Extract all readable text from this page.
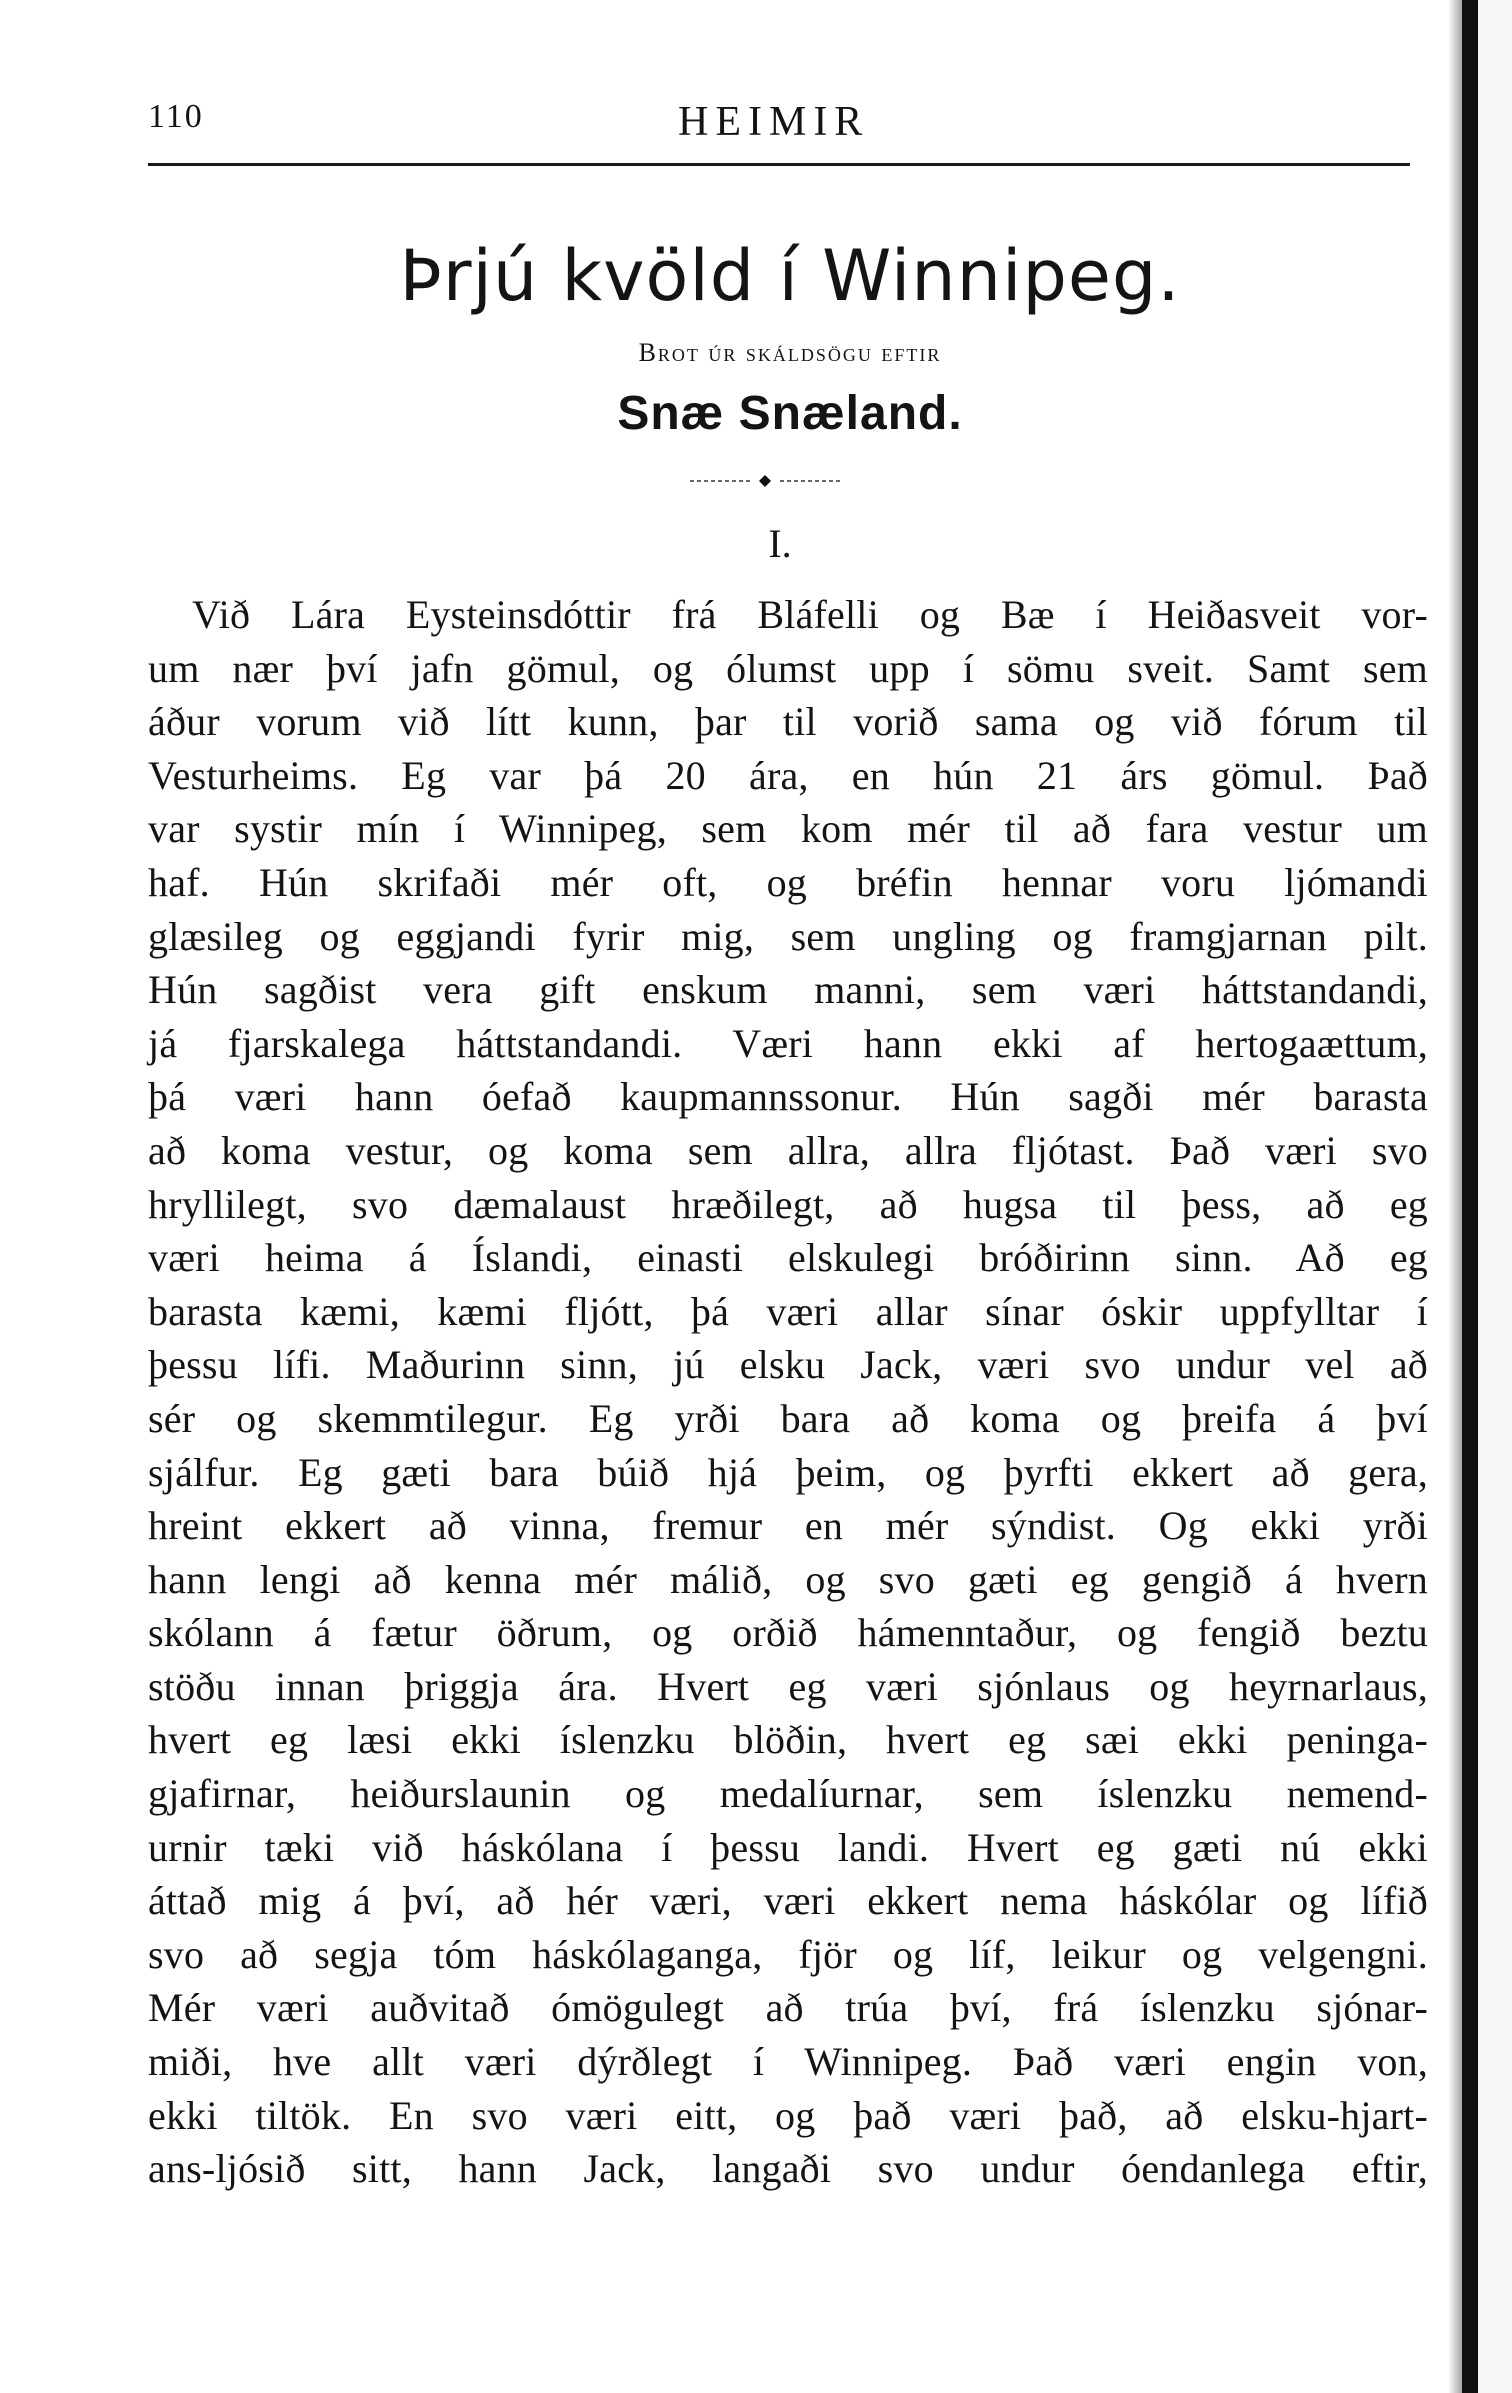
110	HEIMIR
Þrjú kvöld í Winnipeg.
Brot úr skáldsögu eftir
Snæ Snæland.
I.
Við Lára Eysteinsdóttir frá Bláfelli og Bæ í Heiðasveit vor-
um nær því jafn gömul, og ólumst upp í sömu sveit. Samt sem
áður vorum við lítt kunn, þar til vorið sama og við fórum til
Vesturheims. Eg var þá 20 ára, en hún 21 árs gömul. Það
var systir mín í Winnipeg, sem kom mér til að fara vestur um
haf. Hún skrifaði mér oft, og bréfin hennar voru ljómandi
glæsileg og eggjandi fyrir mig, sem ungling og framgjarnan pilt.
Hún sagðist vera gift enskum manni, sem væri háttstandandi,
já fjarskalega háttstandandi. Væri hann ekki af hertogaættum,
þá væri hann óefað kaupmannssonur. Hún sagði mér barasta
að koma vestur, og koma sem allra, allra fljótast. Það væri svo
hryllilegt, svo dæmalaust hræðilegt, að hugsa til þess, að eg
væri heima á Íslandi, einasti elskulegi bróðirinn sinn. Að eg
barasta kæmi, kæmi fljótt, þá væri allar sínar óskir uppfylltar í
þessu lífi. Maðurinn sinn, jú elsku Jack, væri svo undur vel að
sér og skemmtilegur. Eg yrði bara að koma og þreifa á því
sjálfur. Eg gæti bara búið hjá þeim, og þyrfti ekkert að gera,
hreint ekkert að vinna, fremur en mér sýndist. Og ekki yrði
hann lengi að kenna mér málið, og svo gæti eg gengið á hvern
skólann á fætur öðrum, og orðið hámenntaður, og fengið beztu
stöðu innan þriggja ára. Hvert eg væri sjónlaus og heyrnarlaus,
hvert eg læsi ekki íslenzku blöðin, hvert eg sæi ekki peninga-
gjafirnar, heiðurslaunin og medalíurnar, sem íslenzku nemend-
urnir tæki við háskólana í þessu landi. Hvert eg gæti nú ekki
áttað mig á því, að hér væri, væri ekkert nema háskólar og lífið
svo að segja tóm háskólaganga, fjör og líf, leikur og velgengni.
Mér væri auðvitað ómögulegt að trúa því, frá íslenzku sjónar-
miði, hve allt væri dýrðlegt í Winnipeg. Það væri engin von,
ekki tiltök. En svo væri eitt, og það væri það, að elsku-hjart-
ans-ljósið sitt, hann Jack, langaði svo undur óendanlega eftir,
